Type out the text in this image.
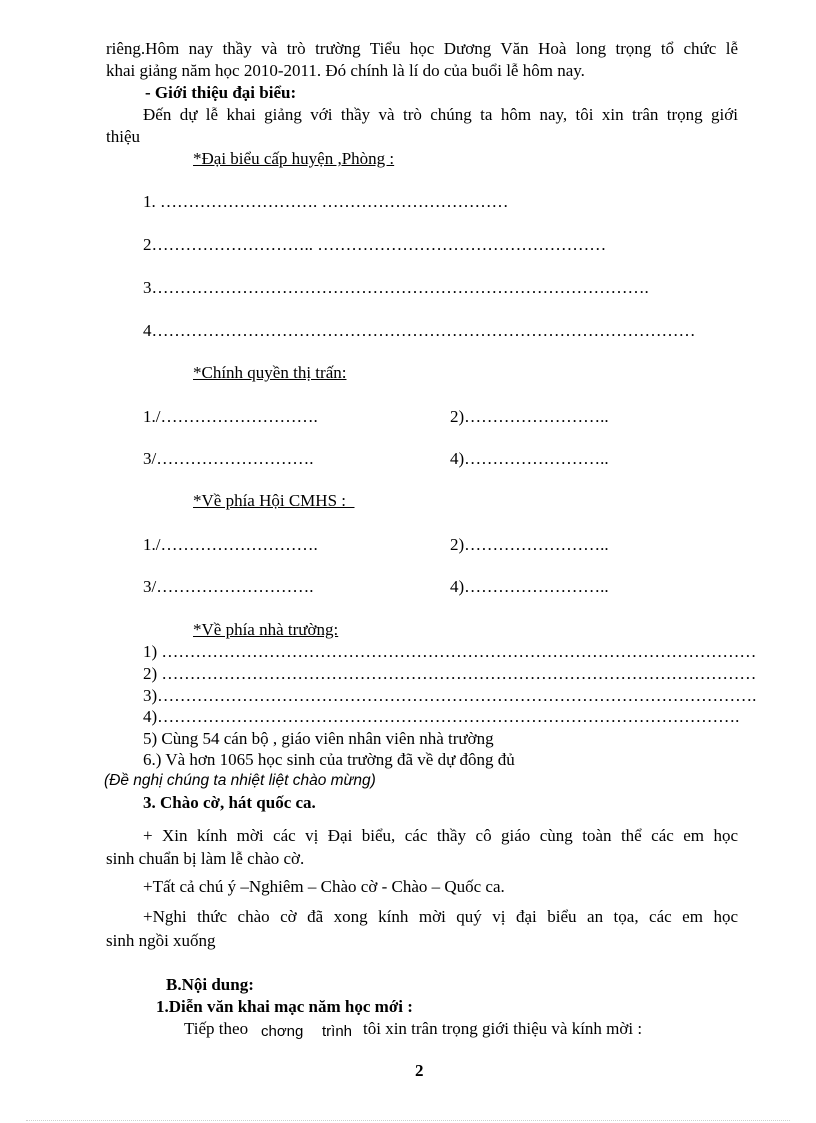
riêng.Hôm nay thầy và trò trường Tiểu học Dương Văn Hoà long trọng tổ chức lễ
khai giảng năm học 2010-2011. Đó chính là lí do của buổi lễ hôm nay.
- Giới thiệu đại biểu:
Đến dự lễ khai giảng với thầy và trò chúng ta hôm nay, tôi xin trân trọng giới
thiệu
*Đại biểu cấp huyện ,Phòng :
1. ………………………. ……………………………
2……………………….. ……………………………………………
3…………………………………………………………………………….
4……………………………………………………………………………………
*Chính quyền thị trấn:
1./……………………….	2)……………………..
3/……………………….	4)……………………..
*Về phía Hội CMHS :
1./……………………….	2)……………………..
3/……………………….	4)……………………..
*Về phía nhà trường:
1) ……………………………………………………………………………………………
2) ……………………………………………………………………………………………
3)…………………………………………………………………………………………….
4)………………………………………………………………………………………….
5) Cùng 54 cán bộ , giáo viên nhân viên nhà trường
6.) Và hơn 1065 học sinh của trường đã về dự đông đủ
(Đề nghị chúng ta nhiệt liệt chào mừng)
3. Chào cờ, hát quốc ca.
+ Xin kính mời các vị Đại biểu, các thầy cô giáo cùng toàn thể các em học
sinh chuẩn bị làm lễ chào cờ.
+Tất cả chú ý –Nghiêm – Chào cờ - Chào – Quốc ca.
+Nghi thức chào cờ đã xong kính mời quý vị đại biểu an tọa, các em học
sinh ngồi xuống
B.Nội dung:
1.Diễn văn khai mạc năm học mới :
Tiếp theo chơng trình tôi xin trân trọng giới thiệu và kính mời :
2
